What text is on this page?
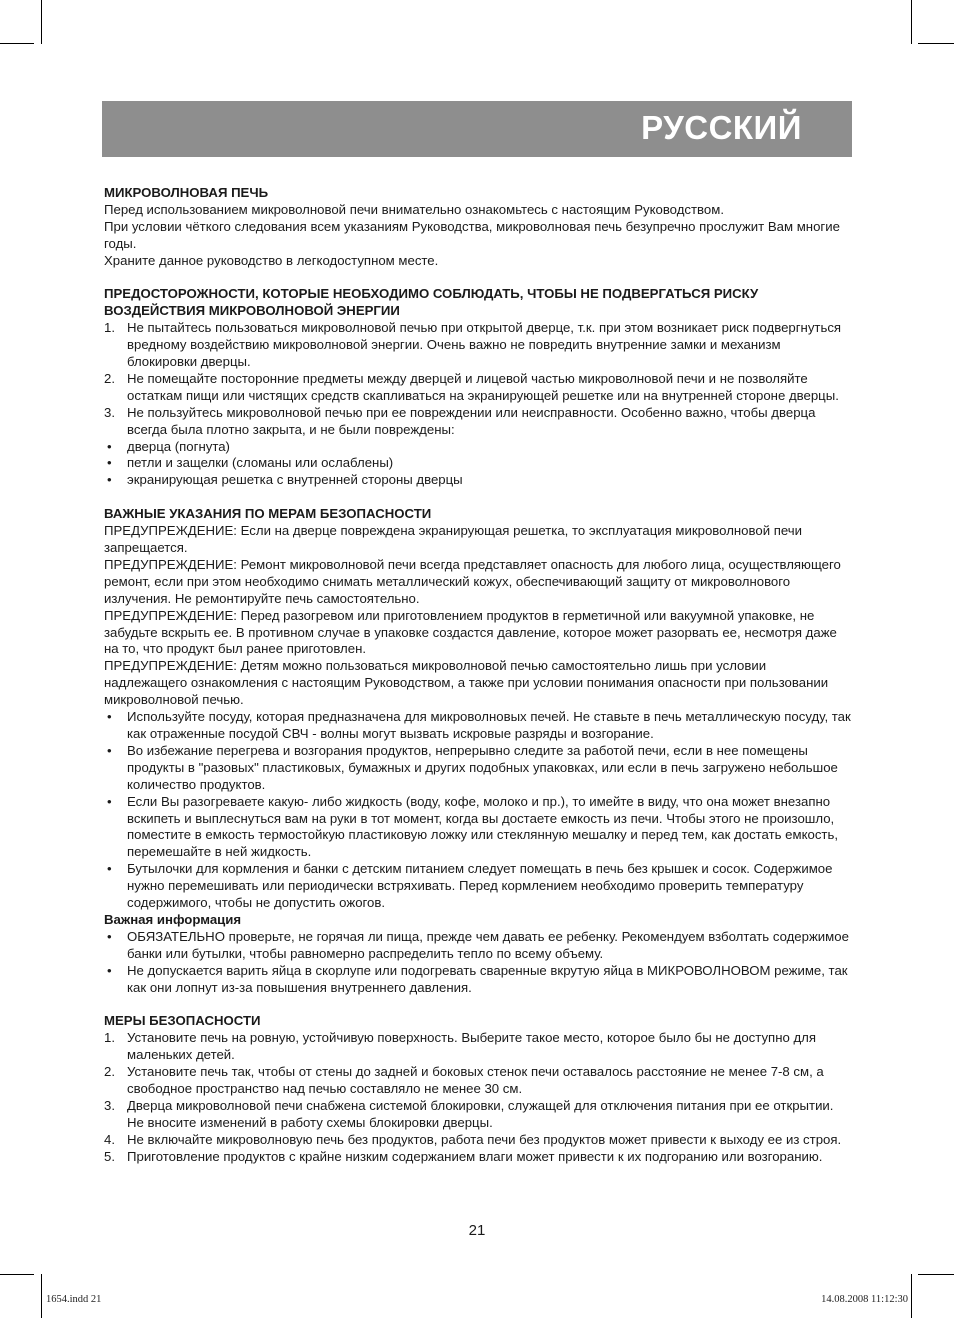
РУССКИЙ

МИКРОВОЛНОВАЯ ПЕЧЬ

Перед использованием микроволновой печи внимательно ознакомьтесь с настоящим Руководством.

При условии чёткого следования всем указаниям Руководства, микроволновая печь безупречно прослужит Вам многие годы.

Храните данное руководство в легкодоступном месте.

ПРЕДОСТОРОЖНОСТИ, КОТОРЫЕ НЕОБХОДИМО СОБЛЮДАТЬ, ЧТОБЫ НЕ ПОДВЕРГАТЬСЯ РИСКУ ВОЗДЕЙСТВИЯ МИКРОВОЛНОВОЙ ЭНЕРГИИ

1. Не пытайтесь пользоваться микроволновой печью при открытой дверце, т.к. при этом возникает риск подвергнуться вредному воздействию микроволновой энергии. Очень важно не повредить внутренние замки и механизм блокировки дверцы.
2. Не помещайте посторонние предметы между дверцей и лицевой частью микроволновой печи и не позволяйте остаткам пищи или чистящих средств скапливаться на экранирующей решетке или на внутренней стороне дверцы.
3. Не пользуйтесь микроволновой печью при ее повреждении или неисправности. Особенно важно, чтобы дверца всегда была плотно закрыта, и не были повреждены:
• дверца (погнута)
• петли и защелки (сломаны или ослаблены)
• экранирующая решетка с внутренней стороны дверцы

ВАЖНЫЕ УКАЗАНИЯ ПО МЕРАМ БЕЗОПАСНОСТИ

ПРЕДУПРЕЖДЕНИЕ: Если на дверце повреждена экранирующая решетка, то эксплуатация микроволновой печи запрещается.

ПРЕДУПРЕЖДЕНИЕ: Ремонт микроволновой печи всегда представляет опасность для любого лица, осуществляющего ремонт, если при этом необходимо снимать металлический кожух, обеспечивающий защиту от микроволнового излучения. Не ремонтируйте печь самостоятельно.

ПРЕДУПРЕЖДЕНИЕ: Перед разогревом или приготовлением продуктов в герметичной или вакуумной упаковке, не забудьте вскрыть ее. В противном случае в упаковке создастся давление, которое может разорвать ее, несмотря даже на то, что продукт был ранее приготовлен.

ПРЕДУПРЕЖДЕНИЕ: Детям можно пользоваться микроволновой печью самостоятельно лишь при условии надлежащего ознакомления с настоящим Руководством, а также при условии понимания опасности при пользовании микроволновой печью.

• Используйте посуду, которая предназначена для микроволновых печей. Не ставьте в печь металлическую посуду, так как отраженные посудой СВЧ - волны могут вызвать искровые разряды и возгорание.
• Во избежание перегрева и возгорания продуктов, непрерывно следите за работой печи, если в нее помещены продукты в "разовых" пластиковых, бумажных и других подобных упаковках, или если в печь загружено небольшое количество продуктов.
• Если Вы разогреваете какую- либо жидкость (воду, кофе, молоко и пр.), то имейте в виду, что она может внезапно вскипеть и выплеснуться вам на руки в тот момент, когда вы достаете емкость из печи. Чтобы этого не произошло, поместите в емкость термостойкую пластиковую ложку или стеклянную мешалку и перед тем, как достать емкость, перемешайте в ней жидкость.
• Бутылочки для кормления и банки с детским питанием следует помещать в печь без крышек и сосок. Содержимое нужно перемешивать или периодически встряхивать. Перед кормлением необходимо проверить температуру содержимого, чтобы не допустить ожогов.

Важная информация

• ОБЯЗАТЕЛЬНО проверьте, не горячая ли пища, прежде чем давать ее ребенку. Рекомендуем взболтать содержимое банки или бутылки, чтобы равномерно распределить тепло по всему объему.
• Не допускается варить яйца в скорлупе или подогревать сваренные вкрутую яйца в МИКРОВОЛНОВОМ режиме, так как они лопнут из-за повышения внутреннего давления.

МЕРЫ БЕЗОПАСНОСТИ

1. Установите печь на ровную, устойчивую поверхность. Выберите такое место, которое было бы не доступно для маленьких детей.
2. Установите печь так, чтобы от стены до задней и боковых стенок печи оставалось расстояние не менее 7-8 см, а свободное пространство над печью составляло не менее 30 см.
3. Дверца микроволновой печи снабжена системой блокировки, служащей для отключения питания при ее открытии. Не вносите изменений в работу схемы блокировки дверцы.
4. Не включайте микроволновую печь без продуктов, работа печи без продуктов может привести к выходу ее из строя.
5. Приготовление продуктов с крайне низким содержанием влаги может привести к их подгоранию или возгоранию.
21
1654.indd 21	14.08.2008 11:12:30
